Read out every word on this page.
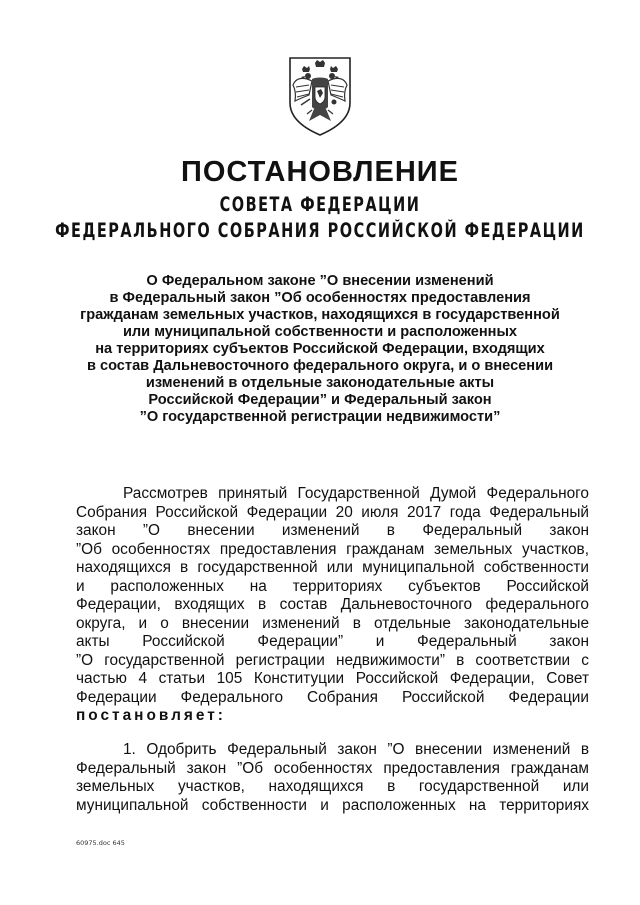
ПОСТАНОВЛЕНИЕ
СОВЕТА ФЕДЕРАЦИИ
ФЕДЕРАЛЬНОГО СОБРАНИЯ РОССИЙСКОЙ ФЕДЕРАЦИИ
О Федеральном законе ”О внесении изменений
в Федеральный закон ”Об особенностях предоставления
гражданам земельных участков, находящихся в государственной
или муниципальной собственности и расположенных
на территориях субъектов Российской Федерации, входящих
в состав Дальневосточного федерального округа, и о внесении
изменений в отдельные законодательные акты
Российской Федерации” и Федеральный закон
”О государственной регистрации недвижимости”
Рассмотрев принятый Государственной Думой Федерального
Собрания Российской Федерации 20 июля 2017 года Федеральный
закон ”О внесении изменений в Федеральный закон
”Об особенностях предоставления гражданам земельных участков,
находящихся в государственной или муниципальной собственности
и расположенных на территориях субъектов Российской
Федерации, входящих в состав Дальневосточного федерального
округа, и о внесении изменений в отдельные законодательные
акты Российской Федерации” и Федеральный закон
”О государственной регистрации недвижимости” в соответствии с
частью 4 статьи 105 Конституции Российской Федерации, Совет
Федерации Федерального Собрания Российской Федерации
постановляет:
1. Одобрить Федеральный закон ”О внесении изменений в
Федеральный закон ”Об особенностях предоставления гражданам
земельных участков, находящихся в государственной или
муниципальной собственности и расположенных на территориях
60975.doc 645
